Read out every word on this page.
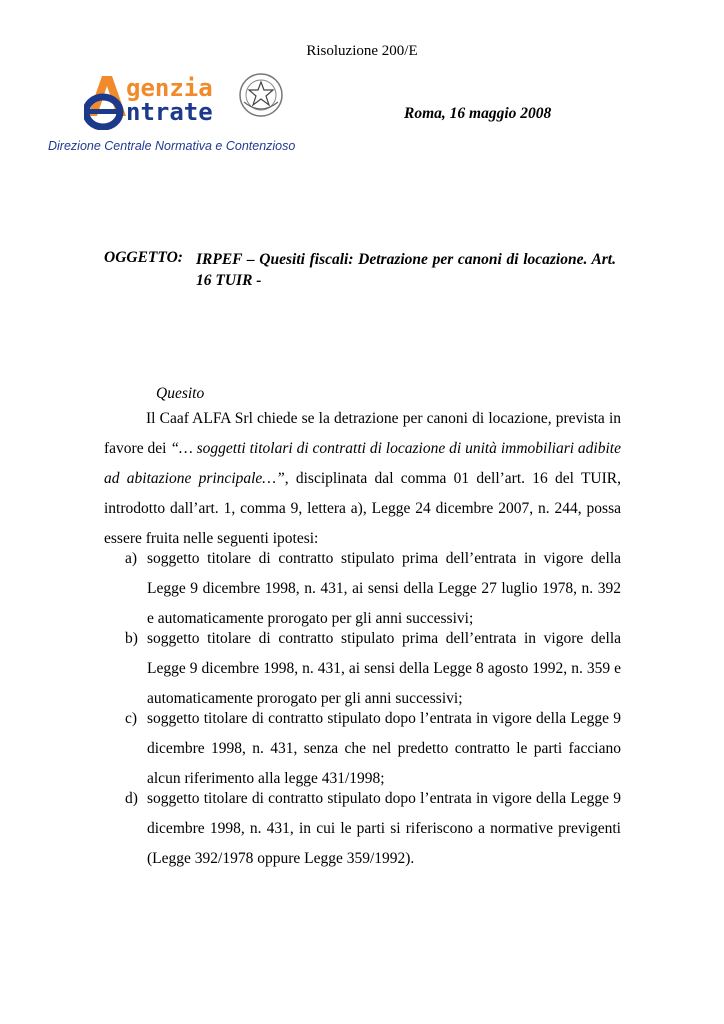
Risoluzione 200/E
genzia
ntrate
Direzione Centrale Normativa e Contenzioso
Roma, 16 maggio 2008
OGGETTO: IRPEF – Quesiti fiscali: Detrazione per canoni di locazione. Art. 16 TUIR -
Quesito
Il Caaf ALFA Srl chiede se la detrazione per canoni di locazione, prevista in favore dei “… soggetti titolari di contratti di locazione di unità immobiliari adibite ad abitazione principale…”, disciplinata dal comma 01 dell’art. 16 del TUIR, introdotto dall’art. 1, comma 9, lettera a), Legge 24 dicembre 2007, n. 244, possa essere fruita nelle seguenti ipotesi:
a) soggetto titolare di contratto stipulato prima dell’entrata in vigore della Legge 9 dicembre 1998, n. 431, ai sensi della Legge 27 luglio 1978, n. 392 e automaticamente prorogato per gli anni successivi;
b) soggetto titolare di contratto stipulato prima dell’entrata in vigore della Legge 9 dicembre 1998, n. 431, ai sensi della Legge 8 agosto 1992, n. 359 e automaticamente prorogato per gli anni successivi;
c) soggetto titolare di contratto stipulato dopo l’entrata in vigore della Legge 9 dicembre 1998, n. 431, senza che nel predetto contratto le parti facciano alcun riferimento alla legge 431/1998;
d) soggetto titolare di contratto stipulato dopo l’entrata in vigore della Legge 9 dicembre 1998, n. 431, in cui le parti si riferiscono a normative previgenti (Legge 392/1978 oppure Legge 359/1992).
